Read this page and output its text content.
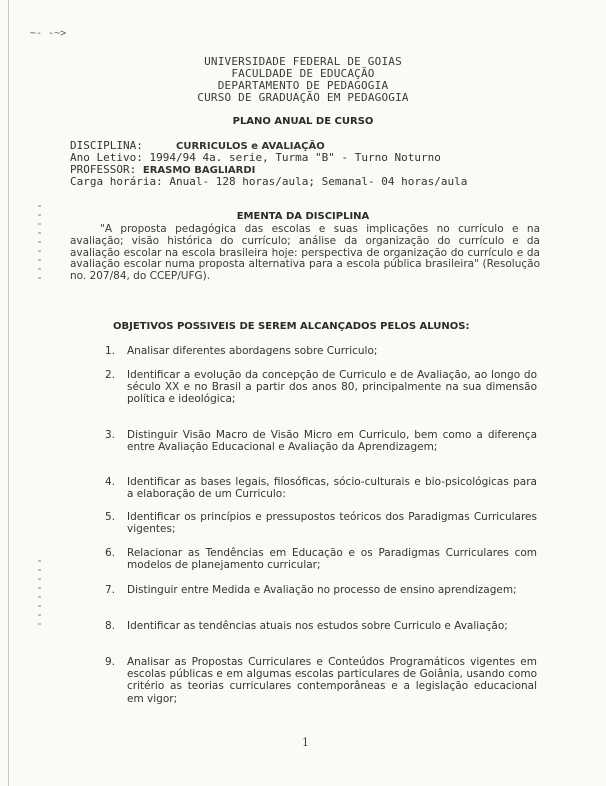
~- -~>
UNIVERSIDADE FEDERAL DE GOIAS
FACULDADE DE EDUCAÇÃO
DEPARTAMENTO DE PEDAGOGIA
CURSO DE GRADUAÇÃO EM PEDAGOGIA
PLANO ANUAL DE CURSO
DISCIPLINA:	CURRICULOS e AVALIAÇÃO
Ano Letivo: 1994/94 4a. serie, Turma "B" - Turno Noturno
PROFESSOR: ERASMO BAGLIARDI
Carga horária: Anual- 128 horas/aula; Semanal- 04 horas/aula
EMENTA DA DISCIPLINA
"A proposta pedagógica das escolas e suas implicações no currículo e na avaliação; visão histórica do currículo; análise da organização do currículo e da avaliação escolar na escola brasileira hoje: perspectiva de organização do currículo e da avaliação escolar numa proposta alternativa para a escola pública brasileira" (Resolução no. 207/84, do CCEP/UFG).
OBJETIVOS POSSIVEIS DE SEREM ALCANÇADOS PELOS ALUNOS:
1. Analisar diferentes abordagens sobre Curriculo;
2. Identificar a evolução da concepção de Curriculo e de Avaliação, ao longo do século XX e no Brasil a partir dos anos 80, principalmente na sua dimensão política e ideológica;
3. Distinguir Visão Macro de Visão Micro em Curriculo, bem como a diferença entre Avaliação Educacional e Avaliação da Aprendizagem;
4. Identificar as bases legais, filosóficas, sócio-culturais e bio-psicológicas para a elaboração de um Curriculo:
5. Identificar os princípios e pressupostos teóricos dos Paradigmas Curriculares vigentes;
6. Relacionar as Tendências em Educação e os Paradigmas Curriculares com modelos de planejamento curricular;
7. Distinguir entre Medida e Avaliação no processo de ensino aprendizagem;
8. Identificar as tendências atuais nos estudos sobre Curriculo e Avaliação;
9. Analisar as Propostas Curriculares e Conteúdos Programáticos vigentes em escolas públicas e em algumas escolas particulares de Goiânia, usando como critério as teorias curriculares contemporâneas e a legislação educacional em vigor;
1
